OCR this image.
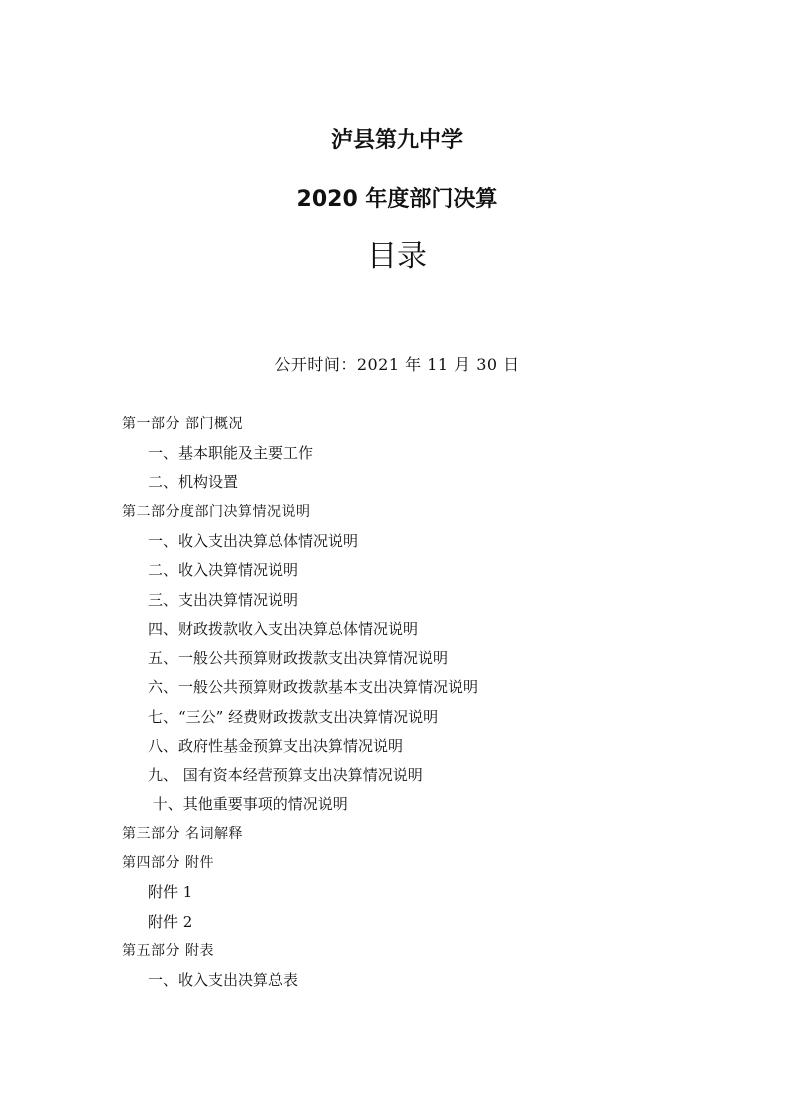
泸县第九中学
2020 年度部门决算
目录
公开时间：2021 年 11 月 30 日
第一部分 部门概况
一、基本职能及主要工作
二、机构设置
第二部分度部门决算情况说明
一、收入支出决算总体情况说明
二、收入决算情况说明
三、支出决算情况说明
四、财政拨款收入支出决算总体情况说明
五、一般公共预算财政拨款支出决算情况说明
六、一般公共预算财政拨款基本支出决算情况说明
七、“三公” 经费财政拨款支出决算情况说明
八、政府性基金预算支出决算情况说明
九、 国有资本经营预算支出决算情况说明
十、其他重要事项的情况说明
第三部分 名词解释
第四部分 附件
附件 1
附件 2
第五部分 附表
一、收入支出决算总表
